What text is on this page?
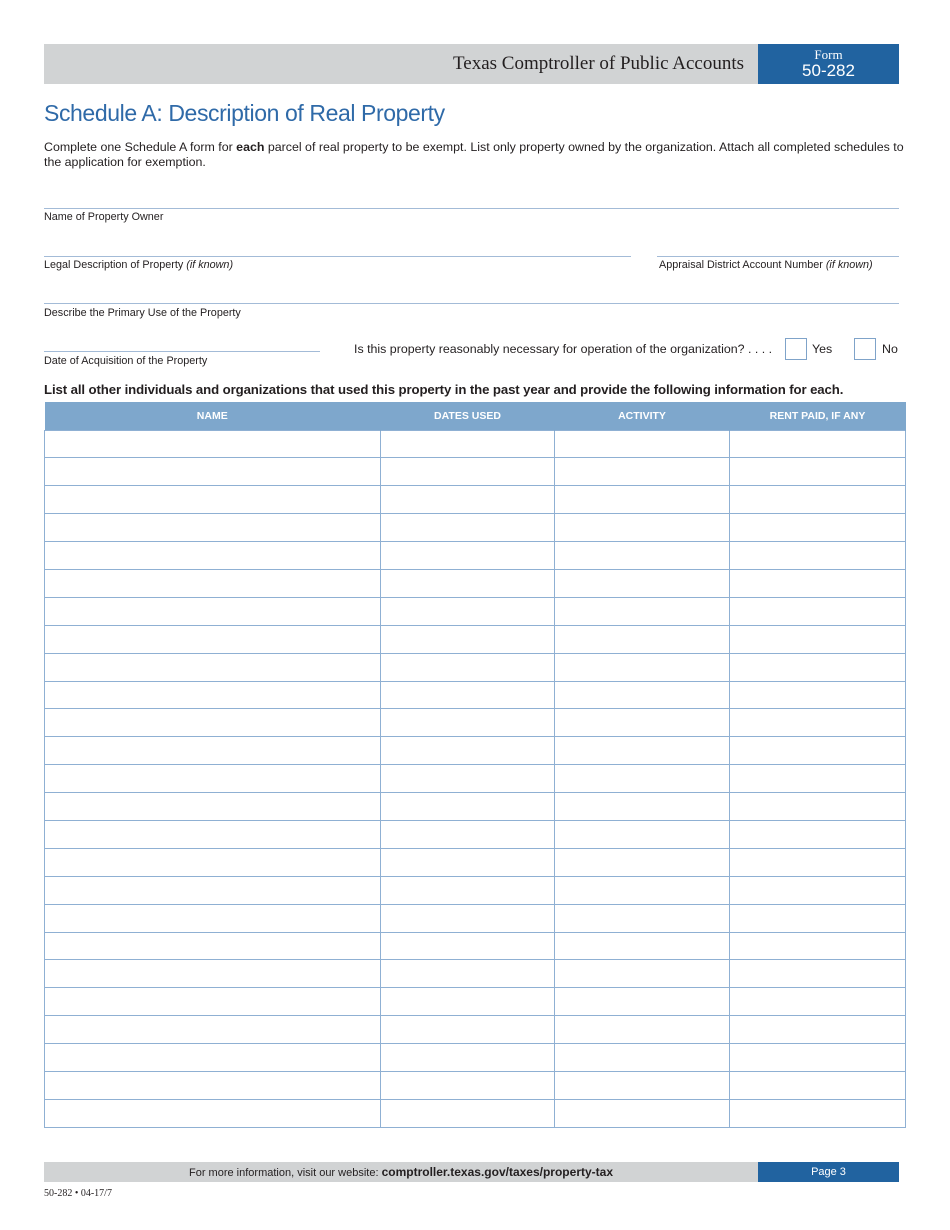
Texas Comptroller of Public Accounts	Form
50-282
Schedule A: Description of Real Property
Complete one Schedule A form for each parcel of real property to be exempt. List only property owned by the organization. Attach all completed schedules to the application for exemption.
Name of Property Owner
Legal Description of Property (if known)	Appraisal District Account Number (if known)
Describe the Primary Use of the Property
Date of Acquisition of the Property
Is this property reasonably necessary for operation of the organization? . . . .	Yes	No
List all other individuals and organizations that used this property in the past year and provide the following information for each.
NAME	DATES USED	ACTIVITY	RENT PAID, IF ANY

For more information, visit our website: comptroller.texas.gov/taxes/property-tax	Page 3
50-282 • 04-17/7
